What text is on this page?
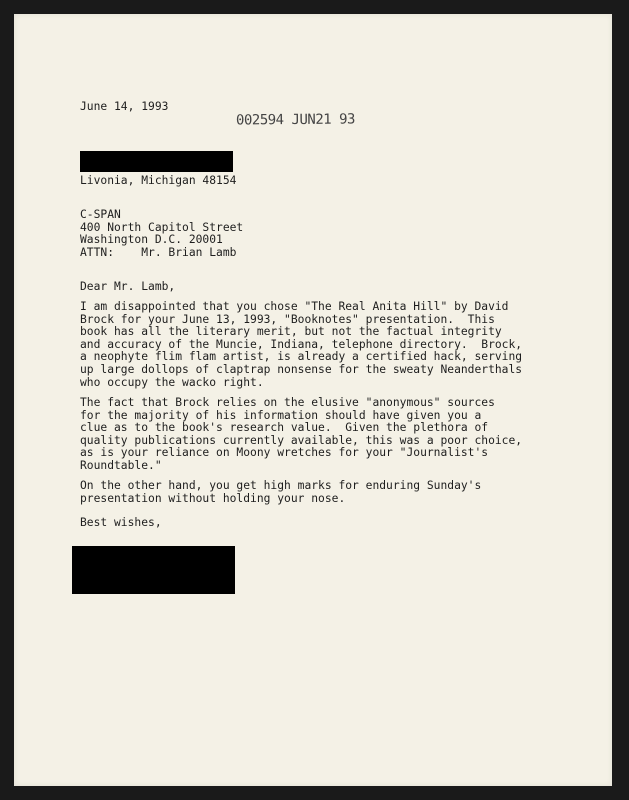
June 14, 1993
002594 JUN21 93
Livonia, Michigan 48154
C-SPAN
400 North Capitol Street
Washington D.C. 20001
ATTN:    Mr. Brian Lamb
Dear Mr. Lamb,
I am disappointed that you chose "The Real Anita Hill" by David
Brock for your June 13, 1993, "Booknotes" presentation.  This
book has all the literary merit, but not the factual integrity
and accuracy of the Muncie, Indiana, telephone directory.  Brock,
a neophyte flim flam artist, is already a certified hack, serving
up large dollops of claptrap nonsense for the sweaty Neanderthals
who occupy the wacko right.
The fact that Brock relies on the elusive "anonymous" sources
for the majority of his information should have given you a
clue as to the book's research value.  Given the plethora of
quality publications currently available, this was a poor choice,
as is your reliance on Moony wretches for your "Journalist's
Roundtable."
On the other hand, you get high marks for enduring Sunday's
presentation without holding your nose.
Best wishes,
